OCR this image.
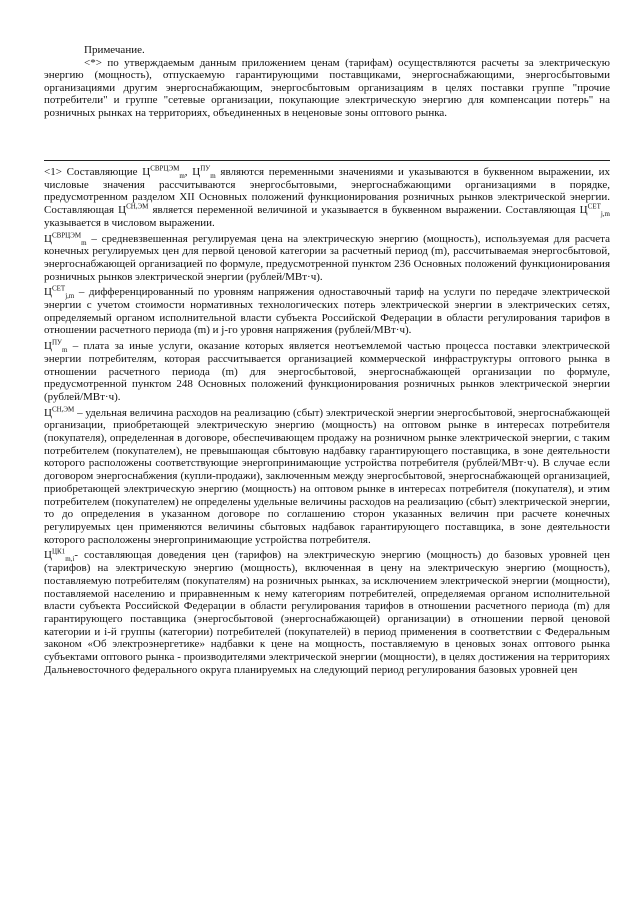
Примечание.

<*> по утверждаемым данным приложением ценам (тарифам) осуществляются расчеты за электрическую энергию (мощность), отпускаемую гарантирующими поставщиками, энергоснабжающими, энергосбытовыми организациями другим энергоснабжающим, энергосбытовым организациям в целях поставки группе "прочие потребители" и группе "сетевые организации, покупающие электрическую энергию для компенсации потерь" на розничных рынках на территориях, объединенных в неценовые зоны оптового рынка.

<1> Составляющие $Ц^{СВРЦЭМ}_m$, $Ц^{ПУ}_m$ являются переменными значениями и указываются в буквенном выражении, их числовые значения рассчитываются энергосбытовыми, энергоснабжающими организациями в порядке, предусмотренном разделом XII Основных положений функционирования розничных рынков электрической энергии. Составляющая $Ц^{СН,ЭМ}$ является переменной величиной и указывается в буквенном выражении. Составляющая $Ц^{СЕТ}_{j,m}$ указывается в числовом выражении.

$Ц^{СВРЦЭМ}_m$ – средневзвешенная регулируемая цена на электрическую энергию (мощность), используемая для расчета конечных регулируемых цен для первой ценовой категории за расчетный период (m), рассчитываемая энергосбытовой, энергоснабжающей организацией по формуле, предусмотренной пунктом 236 Основных положений функционирования розничных рынков электрической энергии (рублей/МВт·ч).

$Ц^{СЕТ}_{j,m}$ – дифференцированный по уровням напряжения одноставочный тариф на услуги по передаче электрической энергии с учетом стоимости нормативных технологических потерь электрической энергии в электрических сетях, определяемый органом исполнительной власти субъекта Российской Федерации в области регулирования тарифов в отношении расчетного периода (m) и j-го уровня напряжения (рублей/МВт·ч).

$Ц^{ПУ}_m$ – плата за иные услуги, оказание которых является неотъемлемой частью процесса поставки электрической энергии потребителям, которая рассчитывается организацией коммерческой инфраструктуры оптового рынка в отношении расчетного периода (m) для энергосбытовой, энергоснабжающей организации по формуле, предусмотренной пунктом 248 Основных положений функционирования розничных рынков электрической энергии (рублей/МВт·ч).

$Ц^{СН,ЭМ}$ – удельная величина расходов на реализацию (сбыт) электрической энергии энергосбытовой, энергоснабжающей организации, приобретающей электрическую энергию (мощность) на оптовом рынке в интересах потребителя (покупателя), определенная в договоре, обеспечивающем продажу на розничном рынке электрической энергии, с таким потребителем (покупателем), не превышающая сбытовую надбавку гарантирующего поставщика, в зоне деятельности которого расположены соответствующие энергопринимающие устройства потребителя (рублей/МВт·ч). В случае если договором энергоснабжения (купли-продажи), заключенным между энергосбытовой, энергоснабжающей организацией, приобретающей электрическую энергию (мощность) на оптовом рынке в интересах потребителя (покупателя), и этим потребителем (покупателем) не определены удельные величины расходов на реализацию (сбыт) электрической энергии, то до определения в указанном договоре по соглашению сторон указанных величин при расчете конечных регулируемых цен применяются величины сбытовых надбавок гарантирующего поставщика, в зоне деятельности которого расположены энергопринимающие устройства потребителя.

$Ц^{ЦК1}_{m,i}-$ составляющая доведения цен (тарифов) на электрическую энергию (мощность) до базовых уровней цен (тарифов) на электрическую энергию (мощность), включенная в цену на электрическую энергию (мощность), поставляемую потребителям (покупателям) на розничных рынках, за исключением электрической энергии (мощности), поставляемой населению и приравненным к нему категориям потребителей, определяемая органом исполнительной власти субъекта Российской Федерации в области регулирования тарифов в отношении расчетного периода (m) для гарантирующего поставщика (энергосбытовой (энергоснабжающей) организации) в отношении первой ценовой категории и i-й группы (категории) потребителей (покупателей) в период применения в соответствии с Федеральным законом «Об электроэнергетике» надбавки к цене на мощность, поставляемую в ценовых зонах оптового рынка субъектами оптового рынка - производителями электрической энергии (мощности), в целях достижения на территориях Дальневосточного федерального округа планируемых на следующий период регулирования базовых уровней цен
